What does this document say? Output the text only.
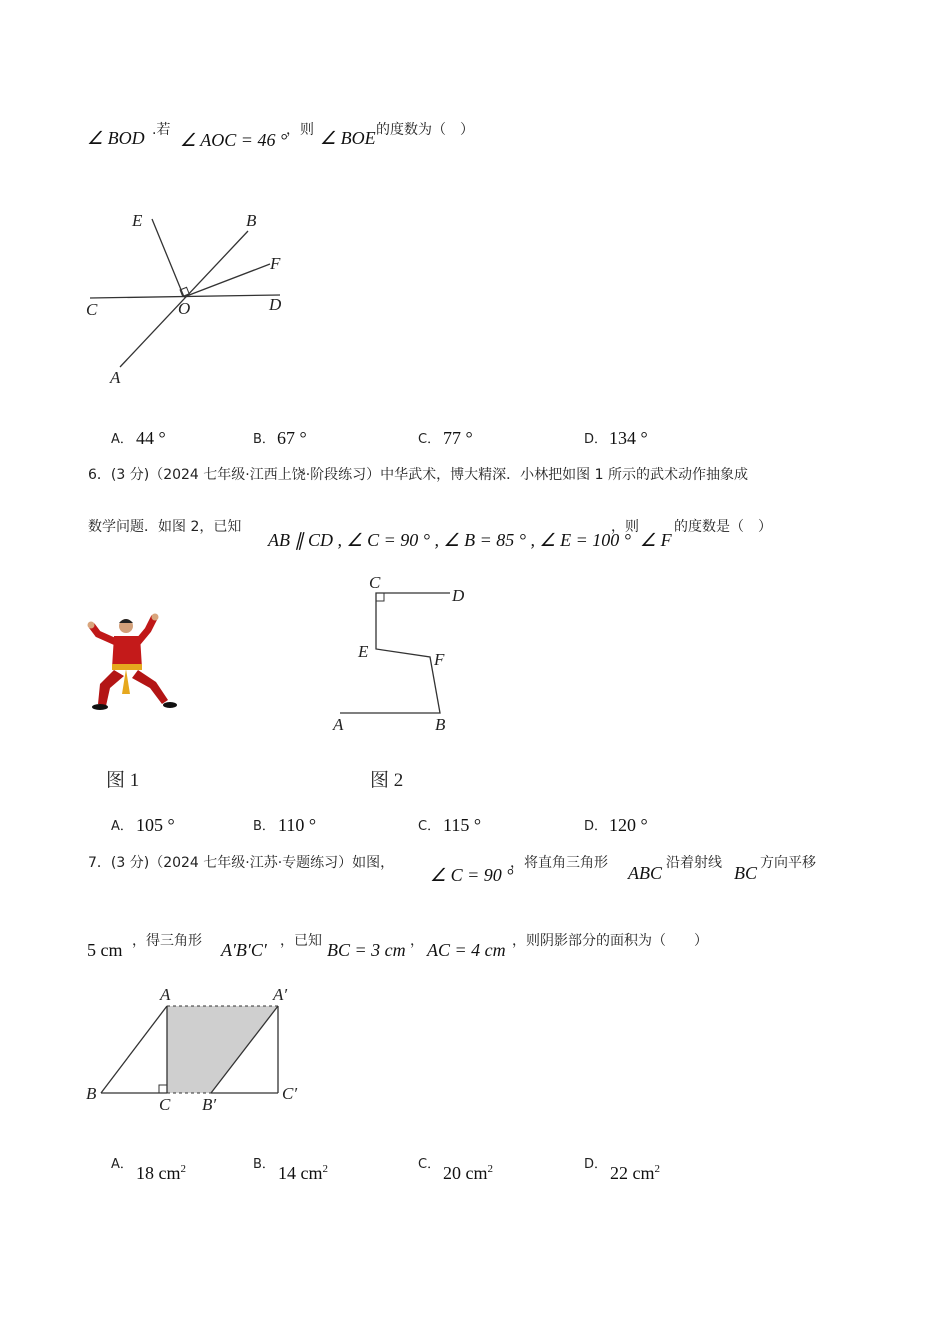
∠ BOD .若 ∠ AOC = 46 °
，则 ∠ BOE 的度数为（　）
E	B
F
C	O	D
A
A． 44 °	B． 67 °	C． 77 °	D． 134 °
6．(3 分)（2024 七年级·江西上饶·阶段练习）中华武术，博大精深．小林把如图 1 所示的武术动作抽象成
数学问题．如图 2，已知
AB ∥ CD , ∠ C = 90 ° , ∠ B = 85 ° , ∠ E = 100 °
，则
∠ F
的度数是（　）
C
D
E	F
A	B
图 1	图 2
A． 105 °	B． 110 °	C． 115 °	D． 120 °
7．(3 分)（2024 七年级·江苏·专题练习）如图，
∠ C = 90 °
，将直角三角形 ABC 沿着射线 BC 方向平移
5 cm ，得三角形 A′B′C′ ，已知 BC = 3 cm ， AC = 4 cm ，则阴影部分的面积为（　　）
A	A′
B
C B′
C′
A． 18 $cm^2$	B． 14 $cm^2$	C． 20 $cm^2$	D． 22 $cm^2$
